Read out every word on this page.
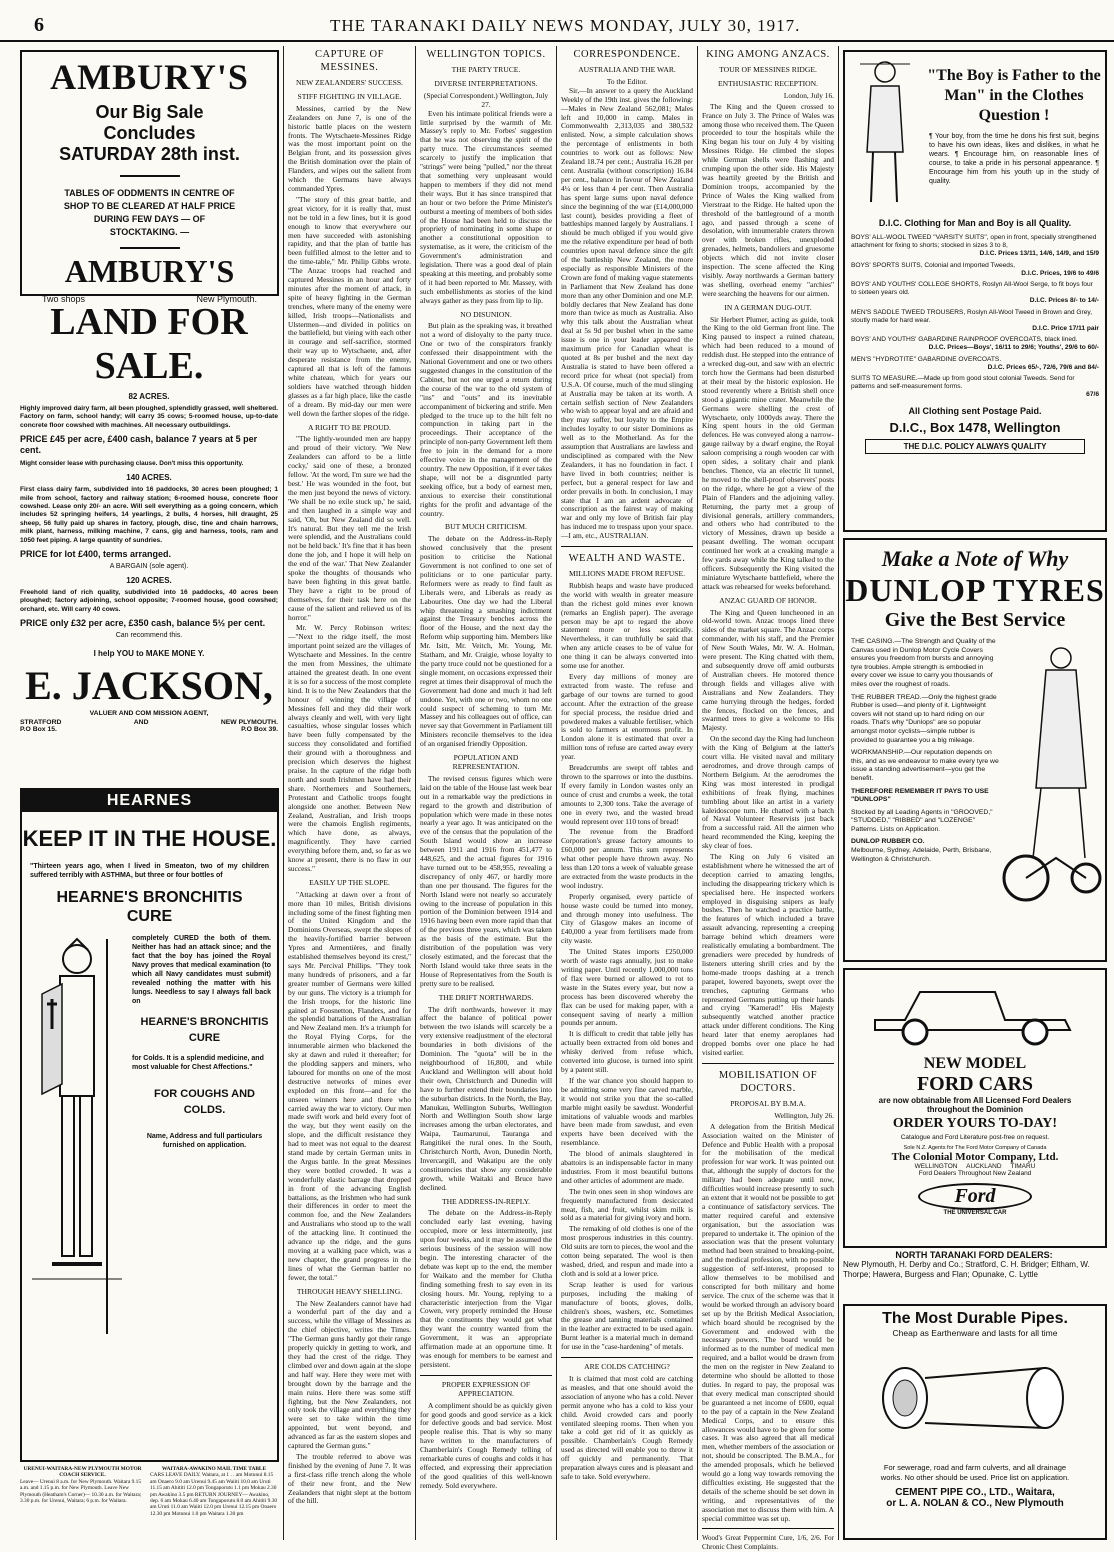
6	THE TARANAKI DAILY NEWS MONDAY, JULY 30, 1917.
AMBURY'S
Our Big Sale
Concludes
SATURDAY 28th inst.
TABLES OF ODDMENTS IN CENTRE OF SHOP TO BE CLEARED AT HALF PRICE DURING FEW DAYS — OF STOCKTAKING. —
AMBURY'S
Two shops	New Plymouth.
LAND FOR SALE.
82 ACRES.
Highly improved dairy farm, all been ploughed, splendidly grassed, well sheltered. Factory on farm, school handy; will carry 35 cows; 5-roomed house, up-to-date concrete floor cowshed with machines. All necessary outbuildings.
PRICE £45 per acre, £400 cash, balance 7 years at 5 per cent.
Might consider lease with purchasing clause. Don't miss this opportunity.
140 ACRES.
First class dairy farm, subdivided into 16 paddocks, 30 acres been ploughed; 1 mile from school, factory and railway station; 6-roomed house, concrete floor cowshed. Lease only 20/- an acre. Will sell everything as a going concern, which includes 52 springing heifers, 14 yearlings, 2 bulls, 4 horses, hill draught, 25 sheep, 56 fully paid up shares in factory, plough, disc, tine and chain harrows, milk plant, harness, milking machine, 7 cans, gig and harness, tools, ram and 1050 feet piping. A large quantity of sundries.
PRICE for lot £400, terms arranged.
A BARGAIN (sole agent).
120 ACRES.
Freehold land of rich quality, subdivided into 16 paddocks, 40 acres been ploughed; factory adjoining, school opposite; 7-roomed house, good cowshed; orchard, etc. Will carry 40 cows.
PRICE only £32 per acre, £350 cash, balance 5½ per cent.
Can recommend this.
I help YOU to MAKE MONE Y.
E. JACKSON,
VALUER AND COM MISSION AGENT,
STRATFORD	AND	NEW PLYMOUTH.
P.O Box 15.	P.O Box 39.
HEARNES
KEEP IT IN THE HOUSE.
"Thirteen years ago, when I lived in Smeaton, two of my children suffered terribly with ASTHMA, but three or four bottles of
HEARNE'S BRONCHITIS CURE
completely CURED the both of them. Neither has had an attack since; and the fact that the boy has joined the Royal Navy proves that medical examination (to which all Navy candidates must submit) revealed nothing the matter with his lungs. Needless to say I always fall back on
HEARNE'S BRONCHITIS CURE
for Colds. It is a splendid medicine, and most valuable for Chest Affections."
FOR COUGHS AND COLDS.
Name, Address and full particulars furnished on application.
URENUI-WAITARA-NEW PLYMOUTH MOTOR COACH SERVICE.
Leave— Urenui 8 a.m. for New Plymouth. Waitara 9.15 a.m. and 1.15 p.m. for New Plymouth. Leave New Plymouth (Heatham's Corner)— 10.30 a.m. for Waitara; 3.30 p.m. for Urenui, Waitara; 6 p.m. for Waitara.
WAITARA-AWAKINO MAIL TIME TABLE
CARS LEAVE DAILY. Waitara, at 1 . . am Motunui 8.15 am Onaero 9.0 am Urenui 9.45 am Waiiti 10.0 am Uruti 11.15 am Ahititi 12.0 pm Tongaporutu 1.1 pm Mokau 2.30 pm Awakino 3.5 pm RETURN JOURNEY— Awakino, dep. 6 am Mokau 6.40 am Tongaporutu 8.0 am Ahititi 9.30 am Uruti 11.0 am Waiiti 12.0 pm Urenui 12.15 pm Onaero 12.30 pm Motunui 1.0 pm Waitara 1.30 pm
CAPTURE OF MESSINES.
NEW ZEALANDERS' SUCCESS.
STIFF FIGHTING IN VILLAGE.

Messines, carried by the New Zealanders on June 7, is one of the historic battle places on the western fronts. The Wytschaete-Messines Ridge was the most important point on the Belgian front, and its possession gives the British domination over the plain of Flanders, and wipes out the salient from which the Germans have always commanded Ypres.

"The story of this great battle, and great victory, for it is really that, must not be told in a few lines, but it is good enough to know that everywhere our men have succeeded with astonishing rapidity, and that the plan of battle has been fulfilled almost to the letter and to the time-table," Mr. Philip Gibbs wrote. "The Anzac troops had reached and captured Messines in an hour and forty minutes after the moment of attack, in spite of heavy fighting in the German trenches, where many of the enemy were killed, Irish troops—Nationalists and Ulstermen—and divided in politics on the battlefield, but vieing with each other in courage and self-sacrifice, stormed their way up to Wytschaete, and, after desperate resistance from the enemy, captured all that is left of the famous white chateau, which for years our soldiers have watched through hidden glasses as a far high place, like the castle of a dream. By mid-day our men were well down the farther slopes of the ridge.

A RIGHT TO BE PROUD.

"The lightly-wounded men are happy and proud of their victory. 'We New Zealanders can afford to be a little cocky,' said one of these, a bronzed fellow. 'At the word, I'm sure we had the best.' He was wounded in the foot, but the men just beyond the news of victory. 'We shall be no exile stuck up,' he said, and then laughed in a simple way and said, 'Oh, but New Zealand did so well. It's natural. But they tell me the Irish were splendid, and the Australians could not be held back.' It's fine that it has been done the job, and I hope it will help on the end of the war.' That New Zealander spoke the thoughts of thousands who have been fighting in this great battle. They have a right to be proud of themselves, for their task here on the cause of the salient and relieved us of its horror."

Mr. W. Percy Robinson writes:—"Next to the ridge itself, the most important point seized are the villages of Wytschaete and Messines. In the centre the men from Messines, the ultimate attained the greatest death. In one event it is so for a success of the most complete kind. It is to the New Zealanders that the honour of winning the village of Messines fell and they did their work always cleanly and well, with very light casualties, whose singular losses which have been fully compensated by the success they consolidated and fortified their ground with a thoroughness and precision which deserves the highest praise. In the capture of the ridge both north and south Irishmen have had their share. Northerners and Southerners, Protestant and Catholic troops fought alongside one another. Between New Zealand, Australian, and Irish troops were the chamois English regiments, which have done, as always, magnificently. They have carried everything before them, and, so far as we know at present, there is no flaw in our success."

EASILY UP THE SLOPE.

"Attacking at dawn over a front of more than 10 miles, British divisions including some of the finest fighting men of the United Kingdom and the Dominions Overseas, swept the slopes of the heavily-fortified barrier between Ypres and Armentières, and finally established themselves beyond its crest," says Mr. Percival Phillips. "They took many hundreds of prisoners, and a far greater number of Germans were killed by our guns. The victory is a triumph for the Irish troops, for the historic line gained at Foosnetton, Flanders, and for the splendid battalions of the Australian and New Zealand men. It's a triumph for the Royal Flying Corps, for the innumerable airmen who blackened the sky at dawn and ruled it thereafter; for the plodding sappers and miners, who laboured for months on one of the most destructive networks of mines ever exploded on this front—and for the unseen winners here and there who carried away the war to victory. Our men made swift work and held every foot of the way, but they went easily on the slope, and the difficult resistance they had to meet was not equal to the dearest stand made by certain German units in the Argus battle. In the great Messines they were bottled crowded. It was a wonderfully elastic barrage that dropped in front of the advancing English battalions, as the Irishmen who had sunk their differences in order to meet the common foe, and the New Zealanders and Australians who stood up to the wall of the attacking line. It continued the advance up the ridge, and the guns moving at a walking pace which, was a new chapter, the grand progress in the lines of what the German battler no fewer, the total."

THROUGH HEAVY SHELLING.

The New Zealanders cannot have had a wonderful part of the day and a success, while the village of Messines as the chief objective, writes the Times. "The German guns hardly got their range properly quickly in getting to work, and they had the crest of the ridge. They climbed over and down again at the slope and half way. Here they were met with brought down by the barrage and the main ruins. Here there was some stiff fighting, but the New Zealanders, not only took the village and everything they were set to take within the time appointed, but went beyond, and advanced as far as the eastern slopes and captured the German guns."

The trouble referred to above was finished by the evening of June 7. It was a first-class rifle trench along the whole of their new front, and the New Zealanders that night slept at the bottom of the hill.

WELLINGTON TOPICS.
THE PARTY TRUCE.
DIVERSE INTERPRETATIONS.
(Special Correspondent.) Wellington, July 27.

Even his intimate political friends were a little surprised by the warmth of Mr. Massey's reply to Mr. Forbes' suggestion that he was not observing the spirit of the party truce. The circumstances seemed scarcely to justify the implication that "strings" were being "pulled," nor the threat that something very unpleasant would happen to members if they did not mend their ways. But it has since transpired that an hour or two before the Prime Minister's outburst a meeting of members of both sides of the House had been held to discuss the propriety of nominating in some shape or another a constitutional opposition to systematise, as it were, the criticism of the Government's administration and legislation. There was a good deal of plain speaking at this meeting, and probably some of it had been reported to Mr. Massey, with such embellishments as stories of the kind always gather as they pass from lip to lip.

NO DISUNION.

But plain as the speaking was, it breathed not a word of disloyalty to the party truce. One or two of the conspirators frankly confessed their disappointment with the National Government and one or two others suggested changes in the constitution of the Cabinet, but not one urged a return during the course of the war to the old system of "ins" and "outs" and its inevitable accompaniment of bickering and strife. Men pledged to the truce up to the hilt felt no compunction in taking part in the proceedings. Their acceptance of the principle of non-party Government left them free to join in the demand for a more effective voice in the management of the country. The new Opposition, if it ever takes shape, will not be a disgruntled party seeking office, but a body of earnest men, anxious to exercise their constitutional rights for the profit and advantage of the country.

BUT MUCH CRITICISM.

The debate on the Address-in-Reply showed conclusively that the present position to criticise the National Government is not confined to one set of politicians or to one particular party. Reformers were as ready to find fault as Liberals were, and Liberals as ready as Labourites. One day we had the Liberal whip threatening a smashing indictment against the Treasury benches across the floor of the House, and the next day the Reform whip supporting him. Members like Mr. Isitt, Mr. Veitch, Mr. Young, Mr. Statham, and Mr. Craigie, whose loyalty to the party truce could not be questioned for a single moment, on occasions expressed their regret at times their disapproval of much the Government had done and much it had left undone. Yet, with one or two, whom no one could suspect of scheming to turn Mr. Massey and his colleagues out of office, can never say that Government in Parliament till Ministers reconcile themselves to the idea of an organised friendly Opposition.

POPULATION AND REPRESENTATION.

The revised census figures which were laid on the table of the House last week bear out in a remarkable way the predictions in regard to the growth and distribution of population which were made in these notes nearly a year ago. It was anticipated on the eve of the census that the population of the South Island would show an increase between 1911 and 1916 from 451,477 to 448,625, and the actual figures for 1916 have turned out to be 458,955, revealing a discrepancy of only 467, or hardly more than one per thousand. The figures for the North Island were not nearly so accurately owing to the increase of population in this portion of the Dominion between 1914 and 1916 having been even more rapid than that of the previous three years, which was taken as the basis of the estimate. But the distribution of the population was very closely estimated, and the forecast that the North Island would take three seats in the House of Representatives from the South is pretty sure to be realised.

THE DRIFT NORTHWARDS.

The drift northwards, however it may affect the balance of political power between the two islands will scarcely be a very extensive readjustment of the electoral boundaries in both divisions of the Dominion. The "quota" will be in the neighbourhood of 16,800, and while Auckland and Wellington will about hold their own, Christchurch and Dunedin will have to further extend their boundaries into the suburban districts. In the North, the Bay, Manukau, Wellington Suburbs, Wellington North and Wellington South show large increases among the urban electorates, and Waipa, Taumarunui, Tauranga and Rangitikei the rural ones. In the South, Christchurch North, Avon, Dunedin North, Invercargill, and Wakatipu are the only constituencies that show any considerable growth, while Waitaki and Bruce have declined.

THE ADDRESS-IN-REPLY.

The debate on the Address-in-Reply concluded early last evening, having occupied, more or less intermittently, just upon four weeks, and it may be assumed the serious business of the session will now begin. The interesting character of the debate was kept up to the end, the member for Waikato and the member for Clutha finding something fresh to say even in its closing hours. Mr. Young, replying to a characteristic interjection from the Vigar Cowen, very properly reminded the House that the constituents they would get what they want the country wanted from the Government, it was an appropriate affirmation made at an opportune time. It was enough for members to be earnest and persistent.

PROPER EXPRESSION OF APPRECIATION.

A compliment should be as quickly given for good goods and good service as a kick for defective goods and bad service. Most people realise this. That is why so many have written to the manufacturers of Chamberlain's Cough Remedy telling of remarkable cures of coughs and colds it has effected, and expressing their appreciation of the good qualities of this well-known remedy. Sold everywhere.

CORRESPONDENCE.
AUSTRALIA AND THE WAR.
To the Editor.

Sir,—In answer to a query the Auckland Weekly of the 19th inst. gives the following:—Males in New Zealand 562,081; Males left and 10,000 in camp. Males in Commonwealth 2,313,035 and 380,532 enlisted. Now, a simple calculation shows the percentage of enlistments in both countries to work out as follows: New Zealand 18.74 per cent.; Australia 16.28 per cent. Australia (without conscription) 16.84 per cent., balance in favour of New Zealand 4¼ or less than 4 per cent. Then Australia has spent large sums upon naval defence since the beginning of the war (£14,000,000 last count), besides providing a fleet of battleships manned largely by Australians. I should be much obliged if you would give me the relative expenditure per head of both countries upon naval defence since the gift of the battleship New Zealand, the more especially as responsible Ministers of the Crown are fond of making vague statements in Parliament that New Zealand has done more than any other Dominion and one M.P. boldly declares that New Zealand has done more than twice as much as Australia. Also why this talk about the Australian wheat deal at 5s 9d per bushel when in the same issue is one in your leader appeared the maximum price for Canadian wheat is quoted at 8s per bushel and the next day Australia is stated to have been offered a record price for wheat (not special) from U.S.A. Of course, much of the mud slinging at Australia may be taken at its worth. A certain selfish section of New Zealanders who wish to appear loyal and are afraid and they may suffer, but loyalty to the Empire includes loyalty to our sister Dominions as well as to the Motherland. As for the assumption that Australians are lawless and undisciplined as compared with the New Zealanders, it has no foundation in fact. I have lived in both countries; neither is perfect, but a general respect for law and order prevails in both. In conclusion, I may state that I am an ardent advocate of conscription as the fairest way of making war and only my love of British fair play has induced me to trespass upon your space.—I am, etc., AUSTRALIAN.

WEALTH AND WASTE.
MILLIONS MADE FROM REFUSE.

Rubbish heaps and waste have produced the world with wealth in greater measure than the richest gold mines ever known (remarks an English paper). The average person may be apt to regard the above statement more or less sceptically. Nevertheless, it can truthfully be said that when any article ceases to be of value for one thing it can be always converted into some use for another.

Every day millions of money are extracted from waste. The refuse and garbage of our towns are turned to good account. After the extraction of the grease for special process, the residue dried and powdered makes a valuable fertiliser, which is sold to farmers at enormous profit. In London alone it is estimated that over a million tons of refuse are carted away every year.

Breadcrumbs are swept off tables and thrown to the sparrows or into the dustbins. If every family in London wastes only an ounce of crust and crumbs a week, the total amounts to 2,300 tons. Take the average of one in every two, and the wasted bread would represent over 110 tons of bread!

The revenue from the Bradford Corporation's grease factory amounts to £60,000 per annum. This sum represents what other people have thrown away. No less than 120 tons a week of valuable grease are extracted from the waste products in the wool industry.

Properly organised, every particle of house waste could be turned into money, and through money into usefulness. The City of Glasgow makes an income of £40,000 a year from fertilisers made from city waste.

The United States imports £250,000 worth of waste rags annually, just to make writing paper. Until recently 1,000,000 tons of flax were burned or allowed to rot to waste in the States every year, but now a process has been discovered whereby the flax can be used for making paper, with a consequent saving of nearly a million pounds per annum.

It is difficult to credit that table jelly has actually been extracted from old bones and whisky derived from refuse which, converted into glucose, is turned into spirit by a patent still.

If the war chance you should happen to be admitting some very fine carved marble, it would not strike you that the so-called marble might easily be sawdust. Wonderful imitations of valuable woods and marbles have been made from sawdust, and even experts have been deceived with the resemblance.

The blood of animals slaughtered in abattoirs is an indispensable factor in many industries. From it most beautiful buttons and other articles of adornment are made.

The twin ones seen in shop windows are frequently manufactured from desiccated meat, fish, and fruit, whilst skim milk is sold as a material for giving ivory and horn.

The remaking of old clothes is one of the most prosperous industries in this country. Old suits are torn to pieces, the wool and the cotton being separated. The wool is then washed, dried, and respun and made into a cloth and is sold at a lower price.

Scrap leather is used for various purposes, including the making of manufacture of boots, gloves, dolls, children's shoes, washers, etc. Sometimes the grease and tanning materials contained in the leather are extracted to be used again. Burnt leather is a material much in demand for use in the "case-hardening" of metals.

ARE COLDS CATCHING?

It is claimed that most cold are catching as measles, and that one should avoid the association of anyone who has a cold. Never permit anyone who has a cold to kiss your child. Avoid crowded cars and poorly ventilated sleeping rooms. Then when you take a cold get rid of it as quickly as possible. Chamberlain's Cough Remedy used as directed will enable you to throw it off quickly and permanently. That preparation always cures and is pleasant and safe to take. Sold everywhere.

KING AMONG ANZACS.
TOUR OF MESSINES RIDGE.
ENTHUSIASTIC RECEPTION.
London, July 16.

The King and the Queen crossed to France on July 3. The Prince of Wales was among those who received them. The Queen proceeded to tour the hospitals while the King began his tour on July 4 by visiting Messines Ridge. He climbed the slopes while German shells were flashing and crumping upon the other side. His Majesty was heartily greeted by the British and Dominion troops, accompanied by the Prince of Wales the King walked from Vierstraat to the Ridge. He halted upon the threshold of the battleground of a month ago, and passed through a scene of desolation, with innumerable craters thrown over with broken rifles, unexploded grenades, helmets, bandoliers and gruesome objects which did not invite closer inspection. The scene affected the King visibly. Away northwards a German battery was shelling, overhead enemy "archies" were searching the heavens for our airmen.

IN A GERMAN DUG-OUT.

Sir Herbert Plumer, acting as guide, took the King to the old German front line. The King paused to inspect a ruined chateau, which had been reduced to a mound of reddish dust. He stepped into the entrance of a wrecked dug-out, and saw with an electric torch how the Germans had been disturbed at their meal by the historic explosion. He stood reverently where a British shell once stood a gigantic mine crater. Meanwhile the Germans were shelling the crest of Wytschaete, only 1000yds away. There the King spent hours in the old German defences. He was conveyed along a narrow-gauge railway by a dwarf engine, the Royal saloon comprising a rough wooden car with open sides, a solitary chair and plank benches. Thence, via an electric lit tunnel, he moved to the shell-proof observers' posts on the ridge, where he got a view of the Plain of Flanders and the adjoining valley. Returning, the party met a group of divisional generals, artillery commanders, and others who had contributed to the victory of Messines, drawn up beside a peasant dwelling. The woman occupant continued her work at a creaking mangle a few yards away while the King talked to the officers. Subsequently the King visited the miniature Wytschaete battlefield, where the attack was rehearsed for weeks beforehand.

ANZAC GUARD OF HONOR.

The King and Queen luncheoned in an old-world town. Anzac troops lined three sides of the market square. The Anzac corps commander, with his staff, and the Premier of New South Wales, Mr. W. A. Holman, were present. The King chatted with them, and subsequently drove off amid outbursts of Australian cheers. He motored thence through fields and villages alive with Australians and New Zealanders. They came hurrying through the hedges, forded the fences, flocked on the fences, and swarmed trees to give a welcome to His Majesty.

On the second day the King had luncheon with the King of Belgium at the latter's court villa. He visited naval and military aerodromes, and drove through camps of Northern Belgium. At the aerodromes the King was most interested in prodigal exhibitions of freak flying, machines tumbling about like an artist in a variety kaleidoscope turn. He chatted with a batch of Naval Volunteer Reservists just back from a successful raid. All the airmen who heard recommended the King, keeping the sky clear of foes.

The King on July 6 visited an establishment where he witnessed the art of deception carried to amazing lengths, including the disappearing trickery which is specialised here. He inspected workers employed in disguising snipers as leafy bushes. Then he watched a practice battle, the features of which included a brave assault advancing, representing a creeping barrage behind which dreamers were realistically emulating a bombardment. The grenadiers were preceded by hundreds of listeners uttering shrill cries and by the home-made troops dashing at a trench parapet, lowered bayonets, swept over the trenches, capturing Germans who represented Germans putting up their hands and crying "Kamerad!" His Majesty subsequently watched another practice attack under different conditions. The King heard later that enemy aeroplanes had dropped bombs over one place he had visited earlier.

MOBILISATION OF DOCTORS.
PROPOSAL BY B.M.A.
Wellington, July 26.

A delegation from the British Medical Association waited on the Minister of Defence and Public Health with a proposal for the mobilisation of the medical profession for war work. It was pointed out that, although the supply of doctors for the military had been adequate until now, difficulties would increase presently to such an extent that it would not be possible to get a continuance of satisfactory services. The matter required careful and extensive organisation, but the association was prepared to undertake it. The opinion of the association was that the present voluntary method had been strained to breaking-point, and the medical profession, with no possible suggestion of self-interest, proposed to allow themselves to be mobilised and conscripted for both military and home service. The crux of the scheme was that it would be worked through an advisory board set up by the British Medical Association, which board should be recognised by the Government and endowed with the necessary powers. The board would be informed as to the number of medical men required, and a ballot would be drawn from the men on the register in New Zealand to determine who should be allotted to those duties. In regard to pay, the proposal was that every medical man conscripted should be guaranteed a net income of £600, equal to the pay of a captain in the New Zealand Medical Corps, and to ensure this allowances would have to be given for some cases. It was also agreed that all medical men, whether members of the association or not, should be conscripted. The B.M.A., for the amended proposals, which he believed would go a long way towards removing the difficulties existing. He suggested that the details of the scheme should be set down in writing, and representatives of the association met to discuss them with him. A special committee was set up.

Wood's Great Peppermint Cure, 1/6, 2/6. For Chronic Chest Complaints.
"The Boy is Father to the Man" in the Clothes Question !
¶ Your boy, from the time he dons his first suit, begins to have his own ideas, likes and dislikes, in what he wears. ¶ Encourage him, on reasonable lines of course, to take a pride in his personal appearance. ¶ Encourage him from his youth up in the study of quality.
D.I.C. Clothing for Man and Boy is all Quality.
BOYS' ALL-WOOL TWEED "VARSITY SUITS", open in front, specially strengthened attachment for fixing to shorts; stocked in sizes 3 to 8,
D.I.C. Prices 13/11, 14/6, 14/9, and 15/9
BOYS' SPORTS SUITS, Colonial and Imported Tweeds,
D.I.C. Prices, 19/6 to 49/6
BOYS' AND YOUTHS' COLLEGE SHORTS, Roslyn All-Wool Serge, to fit boys four to sixteen years old.
D.I.C. Prices 8/- to 14/-
MEN'S SADDLE TWEED TROUSERS, Roslyn All-Wool Tweed in Brown and Grey, stoutly made for hard wear.
D.I.C. Price 17/11 pair
BOYS' AND YOUTHS' GABARDINE RAINPROOF OVERCOATS, black lined.
D.I.C. Prices—Boys', 16/11 to 29/6; Youths', 29/6 to 60/-
MEN'S "HYDROTITE" GABARDINE OVERCOATS.
D.I.C. Prices 65/-, 72/6, 79/6 and 84/-
SUITS TO MEASURE.—Made up from good stout colonial Tweeds. Send for patterns and self-measurement forms.
67/6
All Clothing sent Postage Paid.
D.I.C., Box 1478, Wellington
THE D.I.C. POLICY ALWAYS QUALITY
Make a Note of Why
DUNLOP TYRES
Give the Best Service
THE CASING.—The Strength and Quality of the Canvas used in Dunlop Motor Cycle Covers ensures you freedom from bursts and annoying tyre troubles. Ample strength is embodied in every cover we issue to carry you thousands of miles over the roughest of roads.
THE RUBBER TREAD.—Only the highest grade Rubber is used—and plenty of it. Lightweight covers will not stand up to hard riding on our roads. That's why "Dunlops" are so popular amongst motor cyclists—simple rubber is provided to guarantee you a big mileage.
WORKMANSHIP.—Our reputation depends on this, and as we endeavour to make every tyre we issue a standing advertisement—you get the benefit.
THEREFORE REMEMBER IT PAYS TO USE "DUNLOPS"
Stocked by all Leading Agents in "GROOVED," "STUDDED," "RIBBED" and "LOZENGE" Patterns. Lists on Application.
DUNLOP RUBBER CO.
Melbourne, Sydney, Adelaide, Perth, Brisbane, Wellington & Christchurch.
NEW MODEL
FORD CARS
are now obtainable from All Licensed Ford Dealers throughout the Dominion
ORDER YOURS TO-DAY!
Catalogue and Ford Literature post-free on request.
Sole N.Z. Agents for The Ford Motor Company of Canada
The Colonial Motor Company, Ltd.
WELLINGTON     AUCKLAND     TIMARU
Ford Dealers Throughout New Zealand
Ford
THE UNIVERSAL CAR
NORTH TARANAKI FORD DEALERS:
New Plymouth, H. Derby and Co.; Stratford, C. H. Bridger; Eltham, W. Thorpe; Hawera, Burgess and Flan; Opunake, C. Lyttle
The Most Durable Pipes.
Cheap as Earthenware and lasts for all time
For sewerage, road and farm culverts, and all drainage works. No other should be used. Price list on application.
CEMENT PIPE CO., LTD., Waitara,
or L. A. NOLAN & CO., New Plymouth
